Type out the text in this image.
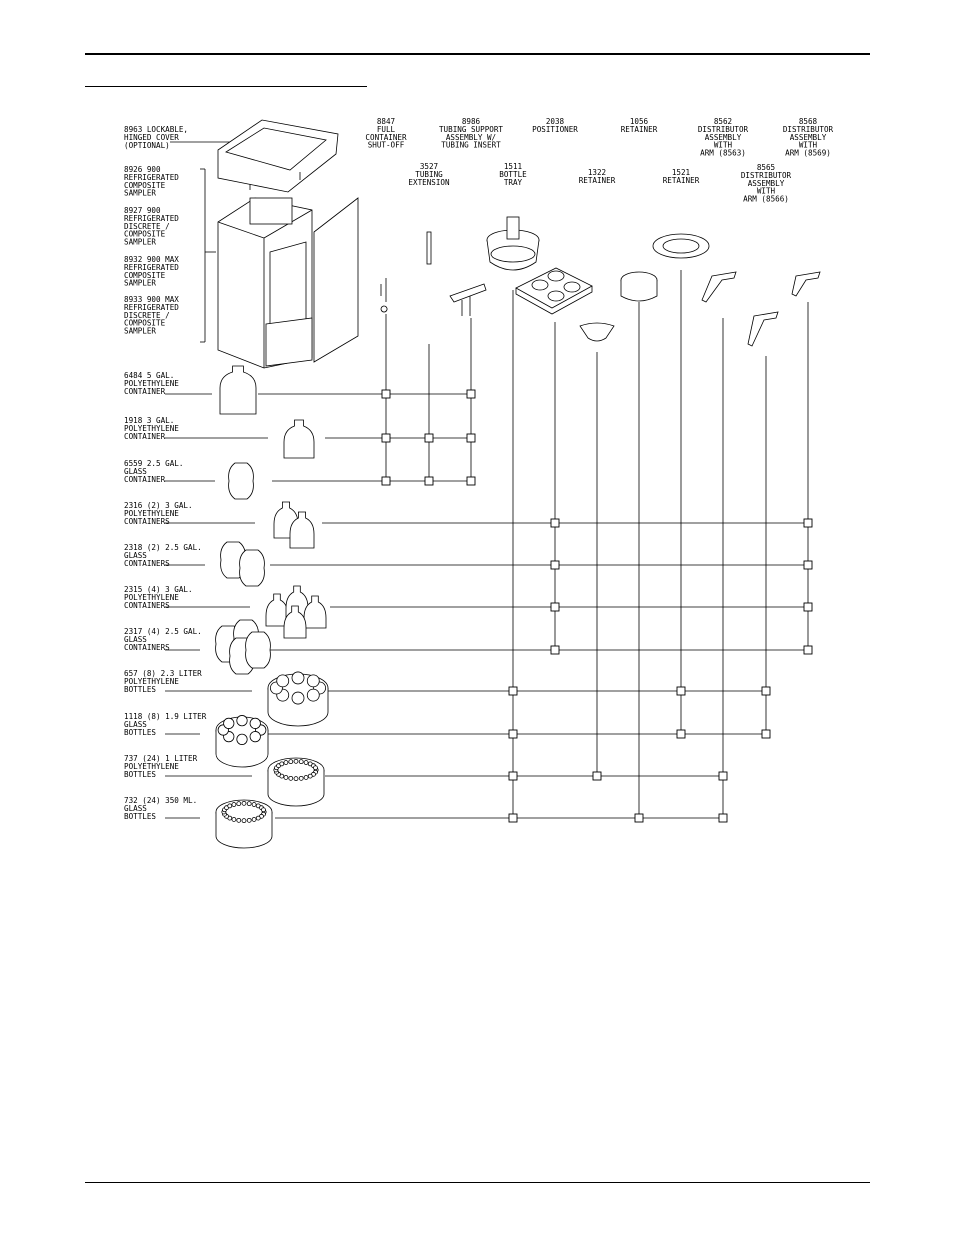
8847 FULL CONTAINER SHUT-OFF
3527 TUBING EXTENSION
8986 TUBING SUPPORT ASSEMBLY W/ TUBING INSERT
1511 BOTTLE TRAY
2038 POSITIONER
1322 RETAINER
1056 RETAINER
1521 RETAINER
8562 DISTRIBUTOR ASSEMBLY WITH ARM (8563)
8565 DISTRIBUTOR ASSEMBLY WITH ARM (8566)
8568 DISTRIBUTOR ASSEMBLY WITH ARM (8569)
8963 LOCKABLE, HINGED COVER (OPTIONAL)
8926 900 REFRIGERATED COMPOSITE SAMPLER
8927 900 REFRIGERATED DISCRETE / COMPOSITE SAMPLER
8932 900 MAX REFRIGERATED COMPOSITE SAMPLER
8933 900 MAX REFRIGERATED DISCRETE / COMPOSITE SAMPLER
6484 5 GAL. POLYETHYLENE CONTAINER
1918 3 GAL. POLYETHYLENE CONTAINER
6559 2.5 GAL. GLASS CONTAINER
2316 (2) 3 GAL. POLYETHYLENE CONTAINERS
2318 (2) 2.5 GAL. GLASS CONTAINERS
2315 (4) 3 GAL. POLYETHYLENE CONTAINERS
2317 (4) 2.5 GAL. GLASS CONTAINERS
657 (8) 2.3 LITER POLYETHYLENE BOTTLES
1118 (8) 1.9 LITER GLASS BOTTLES
737 (24) 1 LITER POLYETHYLENE BOTTLES
732 (24) 350 ML. GLASS BOTTLES
